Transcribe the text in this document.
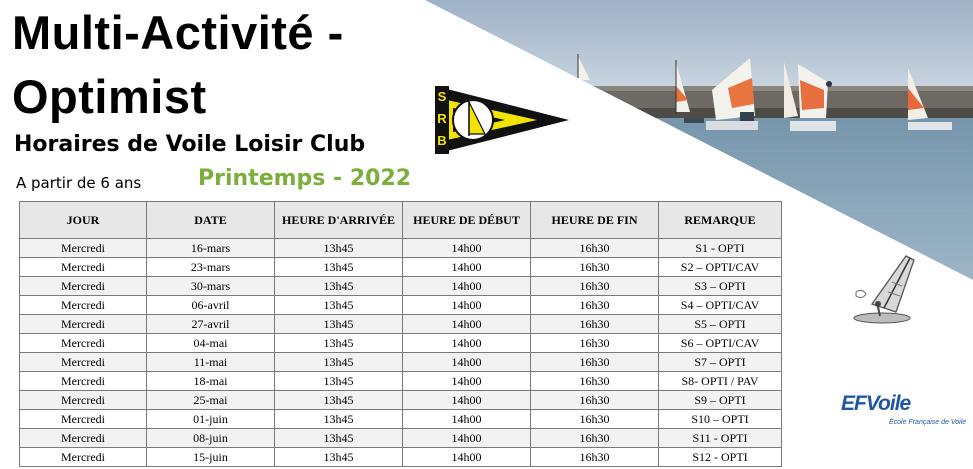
Multi-Activité -
Optimist
Horaires de Voile Loisir Club
A partir de 6 ans	Printemps - 2022
S
R
B
EFVoile
École Française de Voile
JOUR	DATE	HEURE D'ARRIVÉE	HEURE DE DÉBUT	HEURE DE FIN	REMARQUE
Mercredi	16-mars	13h45	14h00	16h30	S1 - OPTI
Mercredi	23-mars	13h45	14h00	16h30	S2 – OPTI/CAV
Mercredi	30-mars	13h45	14h00	16h30	S3 – OPTI
Mercredi	06-avril	13h45	14h00	16h30	S4 – OPTI/CAV
Mercredi	27-avril	13h45	14h00	16h30	S5 – OPTI
Mercredi	04-mai	13h45	14h00	16h30	S6 – OPTI/CAV
Mercredi	11-mai	13h45	14h00	16h30	S7 – OPTI
Mercredi	18-mai	13h45	14h00	16h30	S8- OPTI / PAV
Mercredi	25-mai	13h45	14h00	16h30	S9 – OPTI
Mercredi	01-juin	13h45	14h00	16h30	S10 – OPTI
Mercredi	08-juin	13h45	14h00	16h30	S11 - OPTI
Mercredi	15-juin	13h45	14h00	16h30	S12 - OPTI
